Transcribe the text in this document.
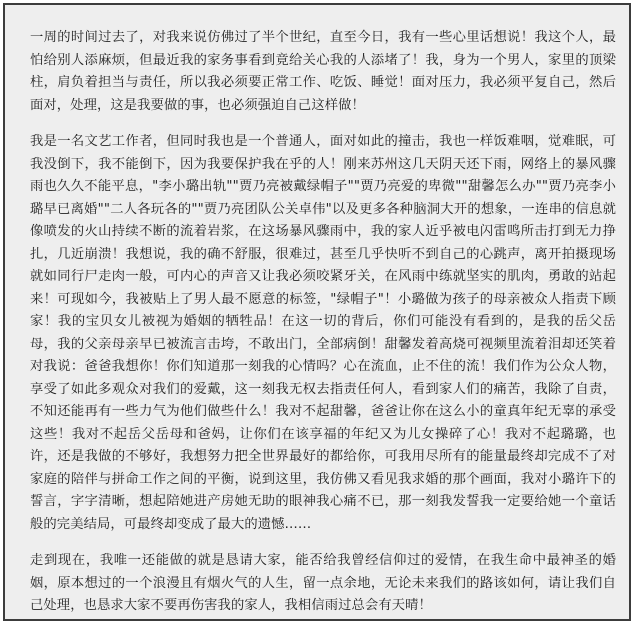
一周的时间过去了，对我来说仿佛过了半个世纪，直至今日，我有一些心里话想说！我这个人，最怕给别人添麻烦，但最近我的家务事看到竟给关心我的人添堵了！我，身为一个男人，家里的顶梁柱，肩负着担当与责任，所以我必须要正常工作、吃饭、睡觉！面对压力，我必须平复自己，然后面对，处理，这是我要做的事，也必须强迫自己这样做！

我是一名文艺工作者，但同时我也是一个普通人，面对如此的撞击，我也一样饭难咽，觉难眠，可我没倒下，我不能倒下，因为我要保护我在乎的人！刚来苏州这几天阴天还下雨，网络上的暴风骤雨也久久不能平息，"李小璐出轨""贾乃亮被戴绿帽子""贾乃亮爱的卑微""甜馨怎么办""贾乃亮李小璐早已离婚""二人各玩各的""贾乃亮团队公关卓伟"以及更多各种脑洞大开的想象，一连串的信息就像喷发的火山持续不断的流着岩浆，在这场暴风骤雨中，我的家人近乎被电闪雷鸣所击打到无力挣扎，几近崩溃！我想说，我的确不舒服，很难过，甚至几乎快听不到自己的心跳声，离开拍摄现场就如同行尸走肉一般，可内心的声音又让我必须咬紧牙关，在风雨中练就坚实的肌肉，勇敢的站起来！可现如今，我被贴上了男人最不愿意的标签，"绿帽子"！小璐做为孩子的母亲被众人指责下顾家！我的宝贝女儿被视为婚姻的牺牲品！在这一切的背后，你们可能没有看到的，是我的岳父岳母，我的父亲母亲早已被流言击垮，不敢出门，全部病倒！甜馨发着高烧可视频里流着泪却还笑着对我说：爸爸我想你！你们知道那一刻我的心情吗？心在流血，止不住的流！我们作为公众人物，享受了如此多观众对我们的爱戴，这一刻我无权去指责任何人，看到家人们的痛苦，我除了自责，不知还能再有一些力气为他们做些什么！我对不起甜馨，爸爸让你在这么小的童真年纪无辜的承受这些！我对不起岳父岳母和爸妈，让你们在该享福的年纪又为儿女操碎了心！我对不起璐璐，也许，还是我做的不够好，我想努力把全世界最好的都给你，可我用尽所有的能量最终却完成不了对家庭的陪伴与拼命工作之间的平衡，说到这里，我仿佛又看见我求婚的那个画面，我对小璐许下的誓言，字字清晰，想起陪她进产房她无助的眼神我心痛不已，那一刻我发誓我一定要给她一个童话般的完美结局，可最终却变成了最大的遗憾……

走到现在，我唯一还能做的就是恳请大家，能否给我曾经信仰过的爱情，在我生命中最神圣的婚姻，原本想过的一个浪漫且有烟火气的人生，留一点余地，无论未来我们的路该如何，请让我们自己处理，也恳求大家不要再伤害我的家人，我相信雨过总会有天晴！
